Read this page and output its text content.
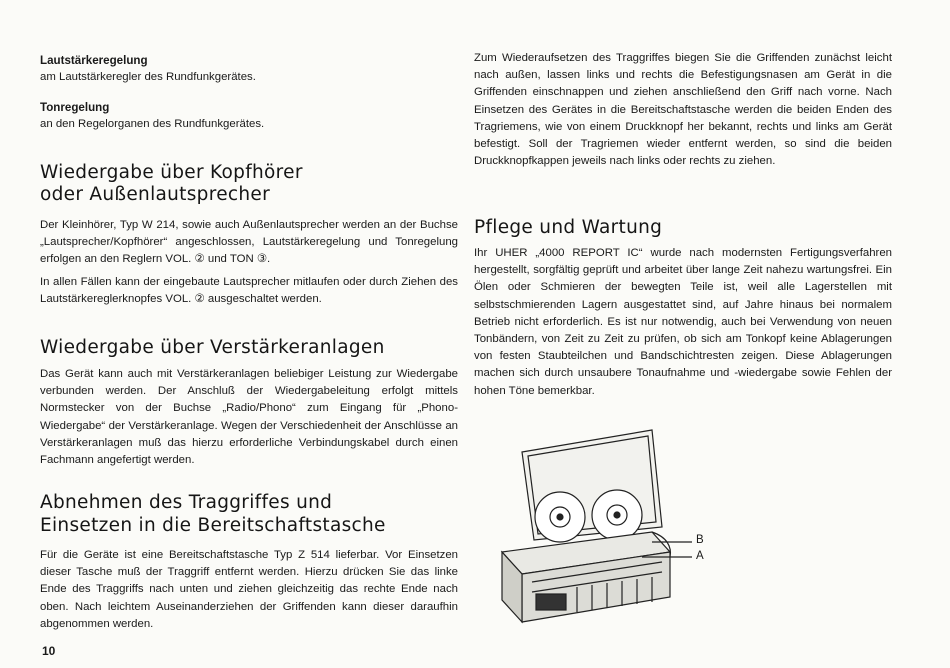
Lautstärkeregelung

am Lautstärkeregler des Rundfunkgerätes.

Tonregelung

an den Regelorganen des Rundfunkgerätes.

Wiedergabe über Kopfhörer
oder Außenlautsprecher

Der Kleinhörer, Typ W 214, sowie auch Außenlautsprecher werden an der Buchse „Lautsprecher/Kopfhörer“ angeschlossen, Lautstärkeregelung und Tonregelung erfolgen an den Reglern VOL. ② und TON ③.

In allen Fällen kann der eingebaute Lautsprecher mitlaufen oder durch Ziehen des Lautstärkereglerknopfes VOL. ② ausgeschaltet werden.

Wiedergabe über Verstärkeranlagen

Das Gerät kann auch mit Verstärkeranlagen beliebiger Leistung zur Wiedergabe verbunden werden. Der Anschluß der Wiedergabeleitung erfolgt mittels Normstecker von der Buchse „Radio/Phono“ zum Eingang für „Phono-Wiedergabe“ der Verstärkeranlage. Wegen der Verschiedenheit der Anschlüsse an Verstärkeranlagen muß das hierzu erforderliche Verbindungskabel durch einen Fachmann angefertigt werden.

Abnehmen des Traggriffes und
Einsetzen in die Bereitschaftstasche

Für die Geräte ist eine Bereitschaftstasche Typ Z 514 lieferbar. Vor Einsetzen dieser Tasche muß der Traggriff entfernt werden. Hierzu drücken Sie das linke Ende des Traggriffs nach unten und ziehen gleichzeitig das rechte Ende nach oben. Nach leichtem Auseinanderziehen der Griffenden kann dieser daraufhin abgenommen werden.

Zum Wiederaufsetzen des Traggriffes biegen Sie die Griffenden zunächst leicht nach außen, lassen links und rechts die Befestigungsnasen am Gerät in die Griffenden einschnappen und ziehen anschließend den Griff nach vorne. Nach Einsetzen des Gerätes in die Bereitschaftstasche werden die beiden Enden des Tragriemens, wie von einem Druckknopf her bekannt, rechts und links am Gerät befestigt. Soll der Tragriemen wieder entfernt werden, so sind die beiden Druckknopfkappen jeweils nach links oder rechts zu ziehen.

Pflege und Wartung

Ihr UHER „4000 REPORT IC“ wurde nach modernsten Fertigungsverfahren hergestellt, sorgfältig geprüft und arbeitet über lange Zeit nahezu wartungsfrei. Ein Ölen oder Schmieren der bewegten Teile ist, weil alle Lagerstellen mit selbstschmierenden Lagern ausgestattet sind, auf Jahre hinaus bei normalem Betrieb nicht erforderlich. Es ist nur notwendig, auch bei Verwendung von neuen Tonbändern, von Zeit zu Zeit zu prüfen, ob sich am Tonkopf keine Ablagerungen von festen Staubteilchen und Bandschichtresten zeigen. Diese Ablagerungen machen sich durch unsaubere Tonaufnahme und -wiedergabe sowie Fehlen der hohen Töne bemerkbar.

B
A
10
